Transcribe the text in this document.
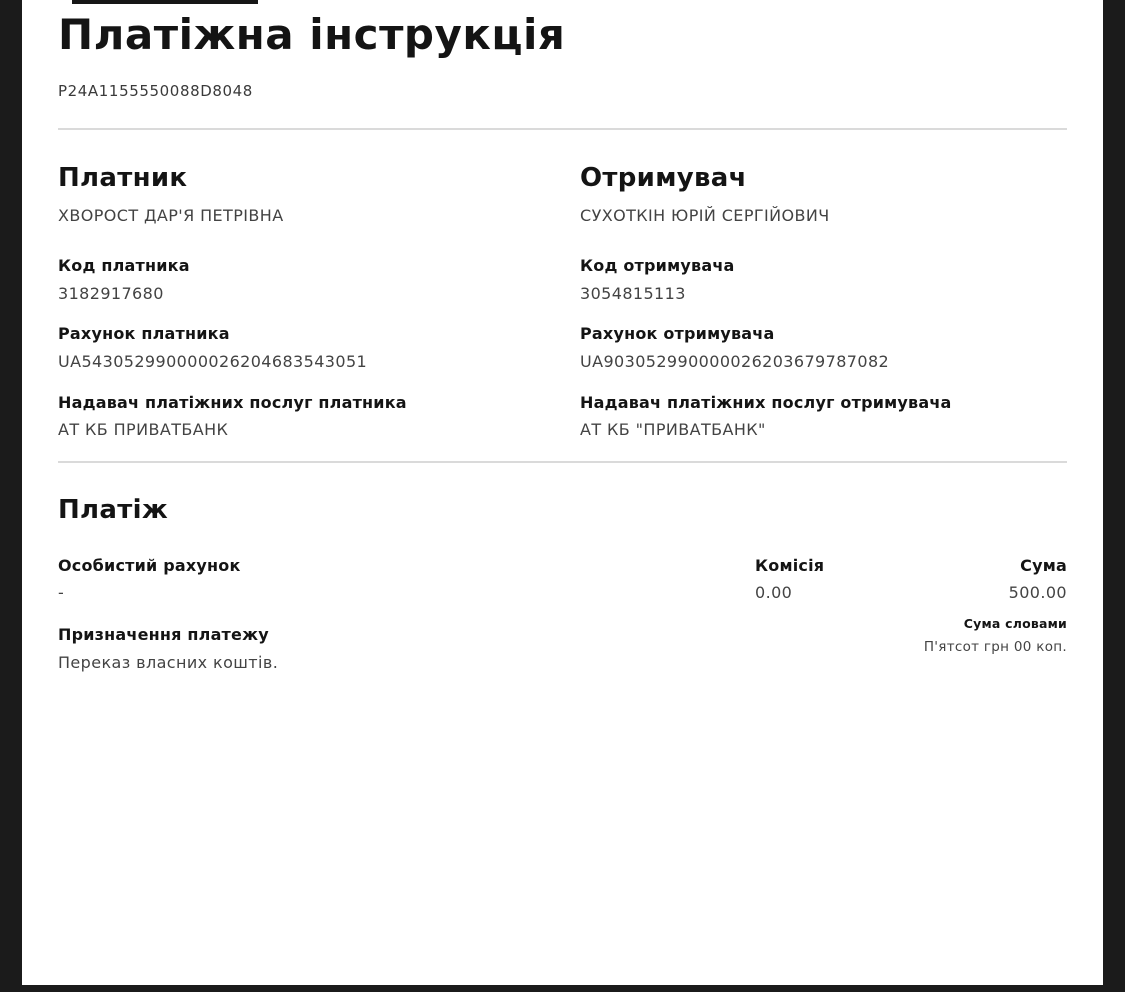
Платіжна інструкція
P24A1155550088D8048
Платник
ХВОРОСТ ДАР'Я ПЕТРІВНА
Код платника
3182917680
Рахунок платника
UA543052990000026204683543051
Надавач платіжних послуг платника
АТ КБ ПРИВАТБАНК
Отримувач
СУХОТКІН ЮРІЙ СЕРГІЙОВИЧ
Код отримувача
3054815113
Рахунок отримувача
UA903052990000026203679787082
Надавач платіжних послуг отримувача
АТ КБ "ПРИВАТБАНК"
Платіж
Особистий рахунок
-
Комісія
0.00
Сума
500.00
Призначення платежу
Переказ власних коштів.
Сума словами
П'ятсот грн 00 коп.
